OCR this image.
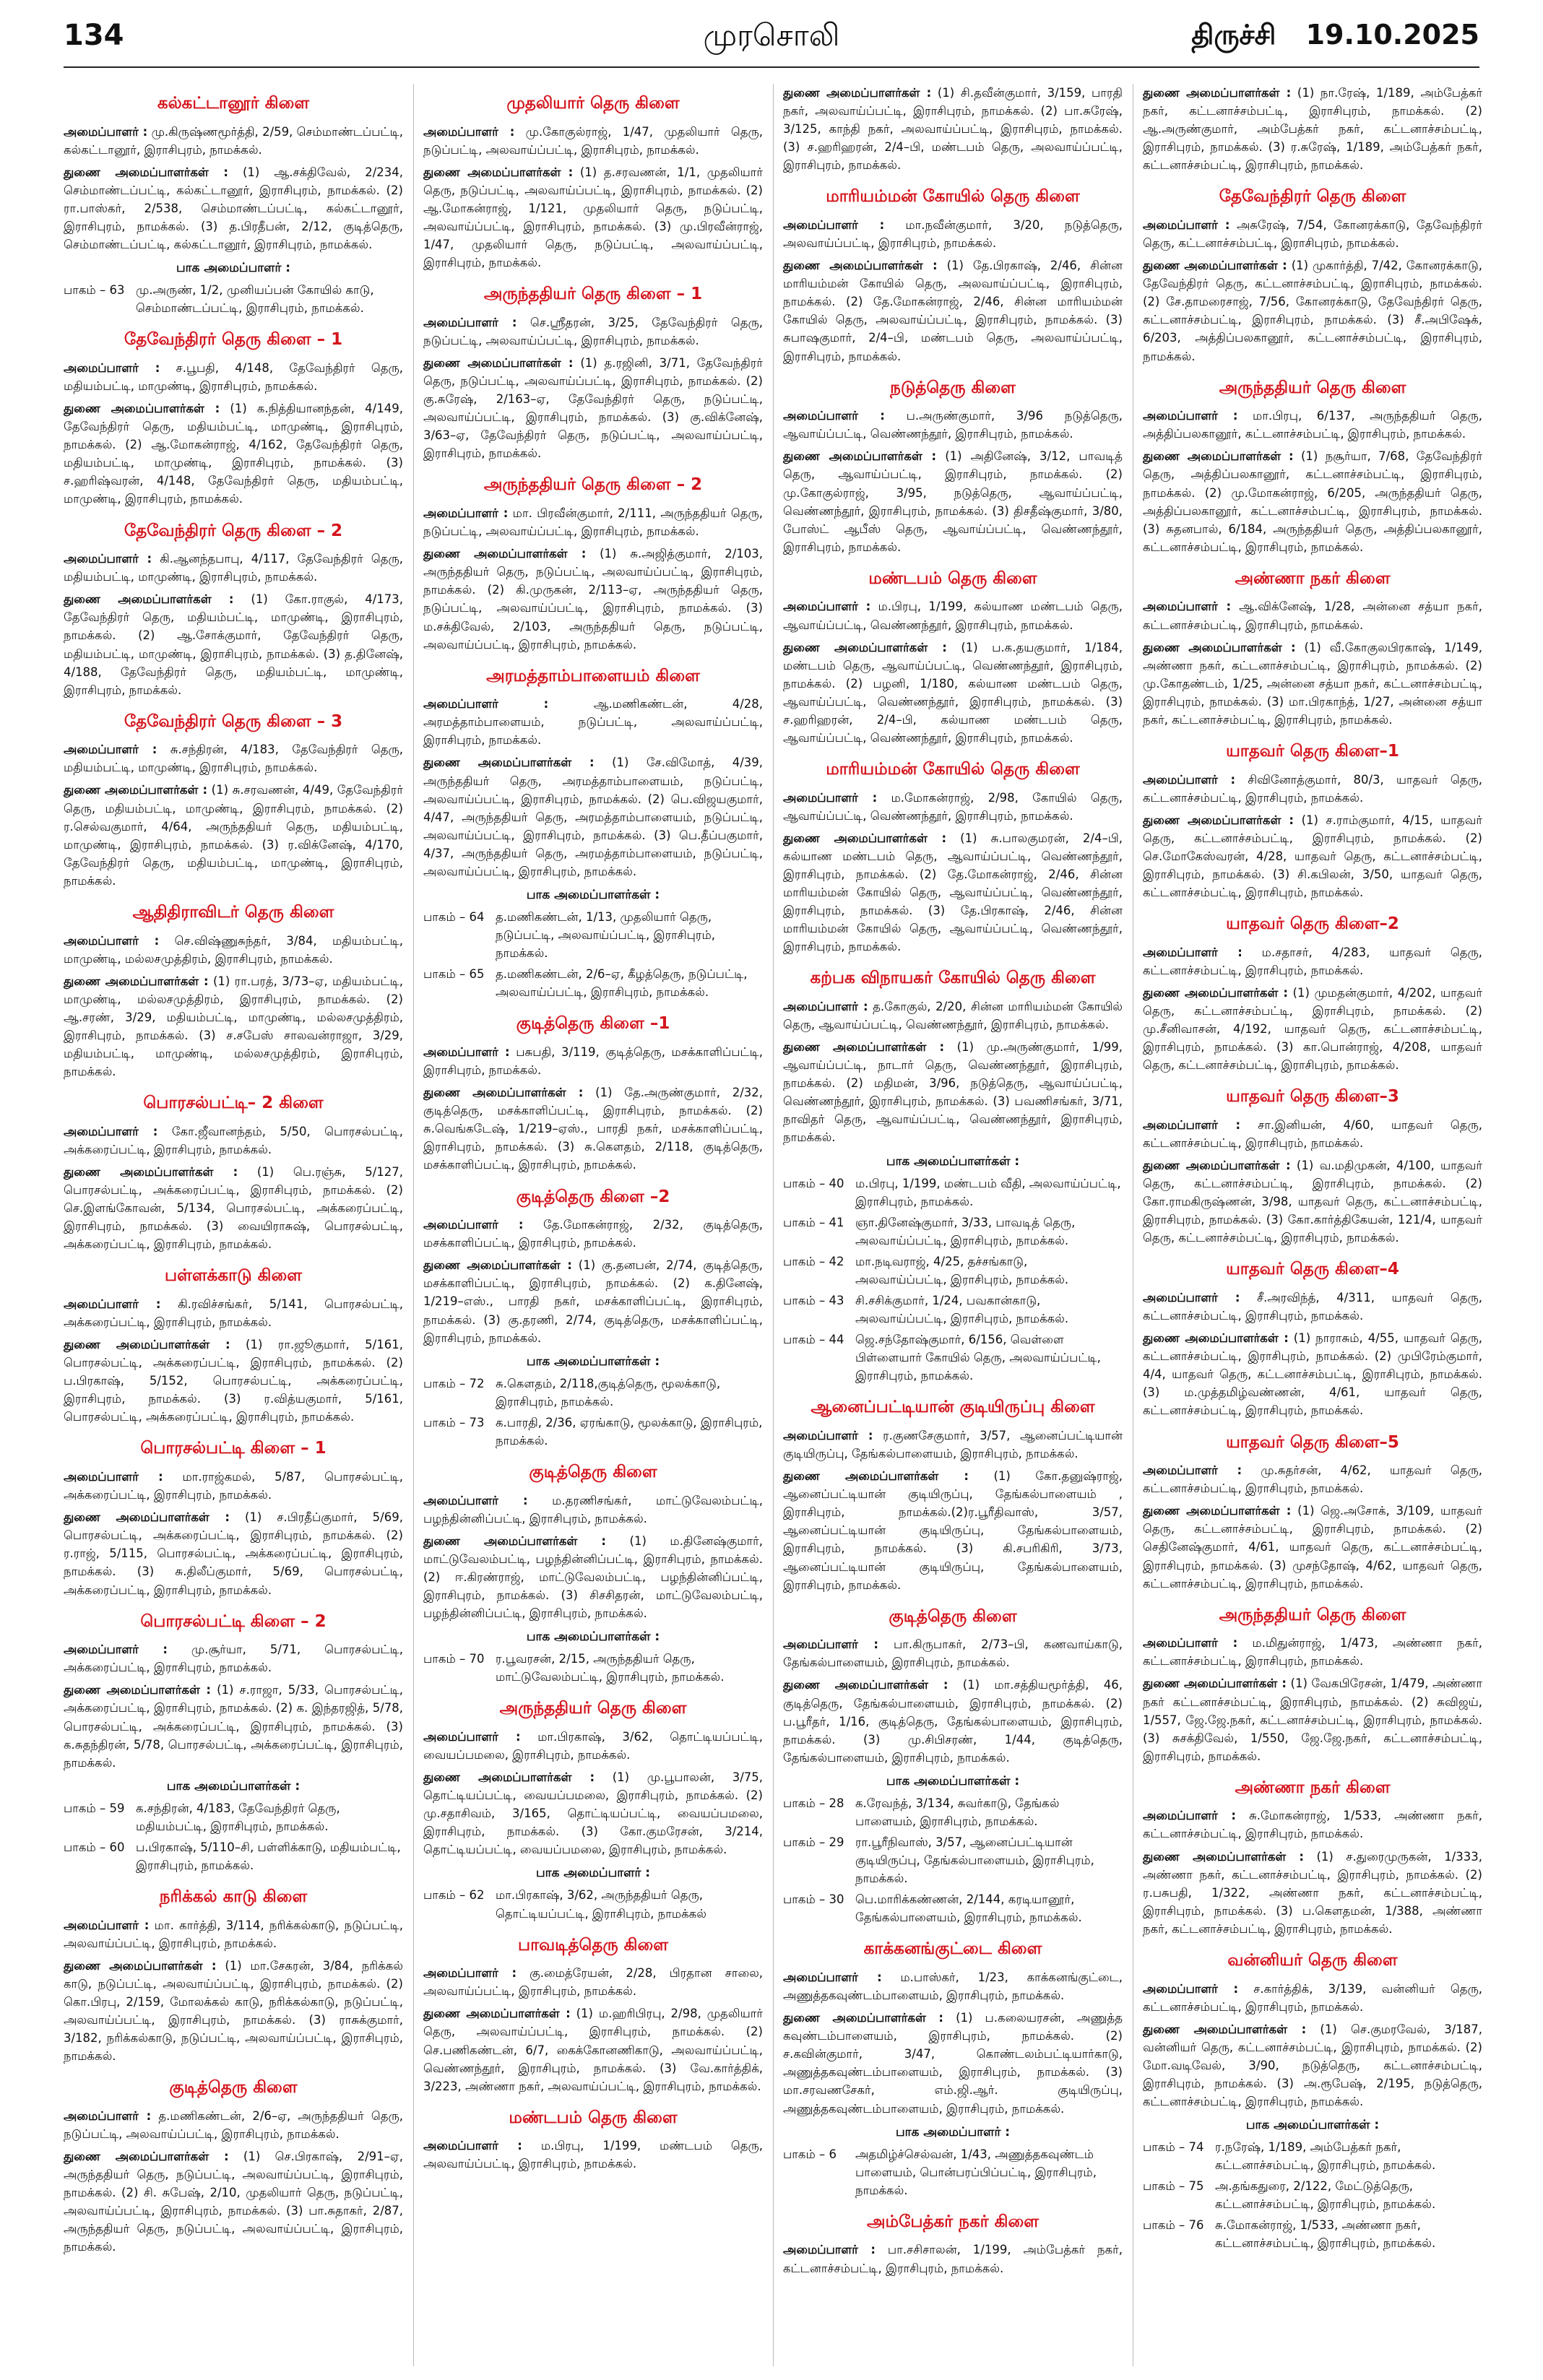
134	முரசொலி	திருச்சி 19.10.2025
கல்கட்டானூர் கிளை
அமைப்பாளர் : மு.கிருஷ்ணமூர்த்தி, 2/59, செம்மாண்டப்பட்டி, கல்கட்டானூர், இராசிபுரம், நாமக்கல்.
துணை அமைப்பாளர்கள் : (1) ஆ.சக்திவேல், 2/234, செம்மாண்டப்பட்டி, கல்கட்டானூர், இராசிபுரம், நாமக்கல். (2) ரா.பாஸ்கர், 2/538, செம்மாண்டப்பட்டி, கல்கட்டானூர், இராசிபுரம், நாமக்கல். (3) த.பிரதீபன், 2/12, குடித்தெரு, செம்மாண்டப்பட்டி, கல்கட்டானூர், இராசிபுரம், நாமக்கல்.
பாக அமைப்பாளர் :
பாகம் – 63 மு.அருண், 1/2, முனியப்பன் கோயில் காடு, செம்மாண்டப்பட்டி, இராசிபுரம், நாமக்கல்.
தேவேந்திரர் தெரு கிளை – 1
அமைப்பாளர் : ச.பூபதி, 4/148, தேவேந்திரர் தெரு, மதியம்பட்டி, மாமுண்டி, இராசிபுரம், நாமக்கல்.
துணை அமைப்பாளர்கள் : (1) க.நித்தியானந்தன், 4/149, தேவேந்திரர் தெரு, மதியம்பட்டி, மாமுண்டி, இராசிபுரம், நாமக்கல். (2) ஆ.மோகன்ராஜ், 4/162, தேவேந்திரர் தெரு, மதியம்பட்டி, மாமுண்டி, இராசிபுரம், நாமக்கல். (3) ச.ஹரிஷ்வரன், 4/148, தேவேந்திரர் தெரு, மதியம்பட்டி, மாமுண்டி, இராசிபுரம், நாமக்கல்.
தேவேந்திரர் தெரு கிளை – 2
அமைப்பாளர் : கி.ஆனந்தபாபு, 4/117, தேவேந்திரர் தெரு, மதியம்பட்டி, மாமுண்டி, இராசிபுரம், நாமக்கல்.
துணை அமைப்பாளர்கள் : (1) கோ.ராகுல், 4/173, தேவேந்திரர் தெரு, மதியம்பட்டி, மாமுண்டி, இராசிபுரம், நாமக்கல். (2) ஆ.சோக்குமார், தேவேந்திரர் தெரு, மதியம்பட்டி, மாமுண்டி, இராசிபுரம், நாமக்கல். (3) த.தினேஷ், 4/188, தேவேந்திரர் தெரு, மதியம்பட்டி, மாமுண்டி, இராசிபுரம், நாமக்கல்.
தேவேந்திரர் தெரு கிளை – 3
அமைப்பாளர் : சு.சந்திரன், 4/183, தேவேந்திரர் தெரு, மதியம்பட்டி, மாமுண்டி, இராசிபுரம், நாமக்கல்.
துணை அமைப்பாளர்கள் : (1) சு.சரவணன், 4/49, தேவேந்திரர் தெரு, மதியம்பட்டி, மாமுண்டி, இராசிபுரம், நாமக்கல். (2) ர.செல்வகுமார், 4/64, அருந்ததியர் தெரு, மதியம்பட்டி, மாமுண்டி, இராசிபுரம், நாமக்கல். (3) ர.விக்னேஷ், 4/170, தேவேந்திரர் தெரு, மதியம்பட்டி, மாமுண்டி, இராசிபுரம், நாமக்கல்.
ஆதிதிராவிடர் தெரு கிளை
அமைப்பாளர் : செ.விஷ்ணுசுந்தர், 3/84, மதியம்பட்டி, மாமுண்டி, மல்லசமுத்திரம், இராசிபுரம், நாமக்கல்.
துணை அமைப்பாளர்கள் : (1) ரா.பரத், 3/73–ஏ, மதியம்பட்டி, மாமுண்டி, மல்லசமுத்திரம், இராசிபுரம், நாமக்கல். (2) ஆ.சரண், 3/29, மதியம்பட்டி, மாமுண்டி, மல்லசமுத்திரம், இராசிபுரம், நாமக்கல். (3) ச.சபேஸ் சாலவன்ராஜா, 3/29, மதியம்பட்டி, மாமுண்டி, மல்லசமுத்திரம், இராசிபுரம், நாமக்கல்.
பொரசல்பட்டி– 2 கிளை
அமைப்பாளர் : கோ.ஜீவானந்தம், 5/50, பொரசல்பட்டி, அக்கரைப்பட்டி, இராசிபுரம், நாமக்கல்.
துணை அமைப்பாளர்கள் : (1) பெ.ரஞ்சு, 5/127, பொரசல்பட்டி, அக்கரைப்பட்டி, இராசிபுரம், நாமக்கல். (2) செ.இளங்கோவன், 5/134, பொரசல்பட்டி, அக்கரைப்பட்டி, இராசிபுரம், நாமக்கல். (3) வையிராசுஷ், பொரசல்பட்டி, அக்கரைப்பட்டி, இராசிபுரம், நாமக்கல்.
பள்ளக்காடு கிளை
அமைப்பாளர் : கி.ரவிச்சங்கர், 5/141, பொரசல்பட்டி, அக்கரைப்பட்டி, இராசிபுரம், நாமக்கல்.
துணை அமைப்பாளர்கள் : (1) ரா.ஜூகுமார், 5/161, பொரசல்பட்டி, அக்கரைப்பட்டி, இராசிபுரம், நாமக்கல். (2) ப.பிரகாஷ், 5/152, பொரசல்பட்டி, அக்கரைப்பட்டி, இராசிபுரம், நாமக்கல். (3) ர.வித்யகுமார், 5/161, பொரசல்பட்டி, அக்கரைப்பட்டி, இராசிபுரம், நாமக்கல்.
பொரசல்பட்டி கிளை – 1
அமைப்பாளர் : மா.ராஜ்கமல், 5/87, பொரசல்பட்டி, அக்கரைப்பட்டி, இராசிபுரம், நாமக்கல்.
துணை அமைப்பாளர்கள் : (1) ச.பிரதீப்குமார், 5/69, பொரசல்பட்டி, அக்கரைப்பட்டி, இராசிபுரம், நாமக்கல். (2) ர.ராஜ், 5/115, பொரசல்பட்டி, அக்கரைப்பட்டி, இராசிபுரம், நாமக்கல். (3) சு.திலீப்குமார், 5/69, பொரசல்பட்டி, அக்கரைப்பட்டி, இராசிபுரம், நாமக்கல்.
பொரசல்பட்டி கிளை – 2
அமைப்பாளர் : மு.சூர்யா, 5/71, பொரசல்பட்டி, அக்கரைப்பட்டி, இராசிபுரம், நாமக்கல்.
துணை அமைப்பாளர்கள் : (1) ச.ராஜா, 5/33, பொரசல்பட்டி, அக்கரைப்பட்டி, இராசிபுரம், நாமக்கல். (2) க. இந்தரஜித், 5/78, பொரசல்பட்டி, அக்கரைப்பட்டி, இராசிபுரம், நாமக்கல். (3) க.சுதந்திரன், 5/78, பொரசல்பட்டி, அக்கரைப்பட்டி, இராசிபுரம், நாமக்கல்.
பாக அமைப்பாளர்கள் :
பாகம் – 59 க.சந்திரன், 4/183, தேவேந்திரர் தெரு, மதியம்பட்டி, இராசிபுரம், நாமக்கல்.
பாகம் – 60 ப.பிரகாஷ், 5/110–சி, பள்ளிக்காடு, மதியம்பட்டி, இராசிபுரம், நாமக்கல்.
நரிக்கல் காடு கிளை
அமைப்பாளர் : மா. கார்த்தி, 3/114, நரிக்கல்காடு, நடுப்பட்டி, அலவாய்ப்பட்டி, இராசிபுரம், நாமக்கல்.
துணை அமைப்பாளர்கள் : (1) மா.சேகரன், 3/84, நரிக்கல் காடு, நடுப்பட்டி, அலவாய்ப்பட்டி, இராசிபுரம், நாமக்கல். (2) கொ.பிரபு, 2/159, மோலக்கல் காடு, நரிக்கல்காடு, நடுப்பட்டி, அலவாய்ப்பட்டி, இராசிபுரம், நாமக்கல். (3) ராசுக்குமார், 3/182, நரிக்கல்காடு, நடுப்பட்டி, அலவாய்ப்பட்டி, இராசிபுரம், நாமக்கல்.
குடித்தெரு கிளை
அமைப்பாளர் : த.மணிகண்டன், 2/6–ஏ, அருந்ததியர் தெரு, நடுப்பட்டி, அலவாய்ப்பட்டி, இராசிபுரம், நாமக்கல்.
துணை அமைப்பாளர்கள் : (1) செ.பிரகாஷ், 2/91–ஏ, அருந்ததியர் தெரு, நடுப்பட்டி, அலவாய்ப்பட்டி, இராசிபுரம், நாமக்கல். (2) சி. சுபேஷ், 2/10, முதலியார் தெரு, நடுப்பட்டி, அலவாய்ப்பட்டி, இராசிபுரம், நாமக்கல். (3) பா.சுதாகர், 2/87, அருந்ததியர் தெரு, நடுப்பட்டி, அலவாய்ப்பட்டி, இராசிபுரம், நாமக்கல்.
முதலியார் தெரு கிளை
அமைப்பாளர் : மு.கோகுல்ராஜ், 1/47, முதலியார் தெரு, நடுப்பட்டி, அலவாய்ப்பட்டி, இராசிபுரம், நாமக்கல்.
துணை அமைப்பாளர்கள் : (1) த.சரவணன், 1/1, முதலியார் தெரு, நடுப்பட்டி, அலவாய்ப்பட்டி, இராசிபுரம், நாமக்கல். (2) ஆ.மோகன்ராஜ், 1/121, முதலியார் தெரு, நடுப்பட்டி, அலவாய்ப்பட்டி, இராசிபுரம், நாமக்கல். (3) மு.பிரவீன்ராஜ், 1/47, முதலியார் தெரு, நடுப்பட்டி, அலவாய்ப்பட்டி, இராசிபுரம், நாமக்கல்.
அருந்ததியர் தெரு கிளை – 1
அமைப்பாளர் : செ.ஸ்ரீதரன், 3/25, தேவேந்திரர் தெரு, நடுப்பட்டி, அலவாய்ப்பட்டி, இராசிபுரம், நாமக்கல்.
துணை அமைப்பாளர்கள் : (1) த.ரஜினி, 3/71, தேவேந்திரர் தெரு, நடுப்பட்டி, அலவாய்ப்பட்டி, இராசிபுரம், நாமக்கல். (2) கு.சுரேஷ், 2/163–ஏ, தேவேந்திரர் தெரு, நடுப்பட்டி, அலவாய்ப்பட்டி, இராசிபுரம், நாமக்கல். (3) கு.விக்னேஷ், 3/63–ஏ, தேவேந்திரர் தெரு, நடுப்பட்டி, அலவாய்ப்பட்டி, இராசிபுரம், நாமக்கல்.
அருந்ததியர் தெரு கிளை – 2
அமைப்பாளர் : மா. பிரவீன்குமார், 2/111, அருந்ததியர் தெரு, நடுப்பட்டி, அலவாய்ப்பட்டி, இராசிபுரம், நாமக்கல்.
துணை அமைப்பாளர்கள் : (1) சு.அஜித்குமார், 2/103, அருந்ததியர் தெரு, நடுப்பட்டி, அலவாய்ப்பட்டி, இராசிபுரம், நாமக்கல். (2) கி.முருகன், 2/113–ஏ, அருந்ததியர் தெரு, நடுப்பட்டி, அலவாய்ப்பட்டி, இராசிபுரம், நாமக்கல். (3) ம.சக்திவேல், 2/103, அருந்ததியர் தெரு, நடுப்பட்டி, அலவாய்ப்பட்டி, இராசிபுரம், நாமக்கல்.
அரமத்தாம்பாளையம் கிளை
அமைப்பாளர் :	ஆ.மணிகண்டன், 4/28, அரமத்தாம்பாளையம், நடுப்பட்டி, அலவாய்ப்பட்டி, இராசிபுரம், நாமக்கல்.
துணை அமைப்பாளர்கள் : (1) சே.விமோத், 4/39, அருந்ததியர் தெரு, அரமத்தாம்பாளையம், நடுப்பட்டி, அலவாய்ப்பட்டி, இராசிபுரம், நாமக்கல். (2) பெ.விஜயகுமார், 4/47, அருந்ததியர் தெரு, அரமத்தாம்பாளையம், நடுப்பட்டி, அலவாய்ப்பட்டி, இராசிபுரம், நாமக்கல். (3) பெ.தீப்பகுமார், 4/37, அருந்ததியர் தெரு, அரமத்தாம்பாளையம், நடுப்பட்டி, அலவாய்ப்பட்டி, இராசிபுரம், நாமக்கல்.
பாக அமைப்பாளர்கள் :
பாகம் – 64 த.மணிகண்டன், 1/13, முதலியார் தெரு, நடுப்பட்டி, அலவாய்ப்பட்டி, இராசிபுரம், நாமக்கல்.
பாகம் – 65 த.மணிகண்டன், 2/6–ஏ, கீழத்தெரு, நடுப்பட்டி, அலவாய்ப்பட்டி, இராசிபுரம், நாமக்கல்.
குடித்தெரு கிளை –1
அமைப்பாளர் : பசுபதி, 3/119, குடித்தெரு, மசக்காளிப்பட்டி, இராசிபுரம், நாமக்கல்.
துணை அமைப்பாளர்கள் : (1) தே.அருண்குமார், 2/32, குடித்தெரு, மசக்காளிப்பட்டி, இராசிபுரம், நாமக்கல். (2) சு.வெங்கடேஷ், 1/219–ஏஸ்., பாரதி நகர், மசக்காளிப்பட்டி, இராசிபுரம், நாமக்கல். (3) சு.கௌதம், 2/118, குடித்தெரு, மசக்காளிப்பட்டி, இராசிபுரம், நாமக்கல்.
குடித்தெரு கிளை –2
அமைப்பாளர் : தே.மோகன்ராஜ், 2/32, குடித்தெரு, மசக்காளிப்பட்டி, இராசிபுரம், நாமக்கல்.
துணை அமைப்பாளர்கள் : (1) கு.தனபன், 2/74, குடித்தெரு, மசக்காளிப்பட்டி, இராசிபுரம், நாமக்கல். (2) க.தினேஷ், 1/219–எஸ்., பாரதி நகர், மசக்காளிப்பட்டி, இராசிபுரம், நாமக்கல். (3) கு.தரணி, 2/74, குடித்தெரு, மசக்காளிப்பட்டி, இராசிபுரம், நாமக்கல்.
பாக அமைப்பாளர்கள் :
பாகம் – 72 சு.கௌதம், 2/118,குடித்தெரு, மூலக்காடு, இராசிபுரம், நாமக்கல்.
பாகம் – 73 க.பாரதி, 2/36, ஏரங்காடு, மூலக்காடு, இராசிபுரம், நாமக்கல்.
குடித்தெரு கிளை
அமைப்பாளர் : ம.தரணிசங்கர், மாட்டுவேலம்பட்டி, பழந்தின்னிப்பட்டி, இராசிபுரம், நாமக்கல்.
துணை அமைப்பாளர்கள் : (1) ம.தினேஷ்குமார், மாட்டுவேலம்பட்டி, பழந்தின்னிப்பட்டி, இராசிபுரம், நாமக்கல். (2) ஈ.கிரண்ராஜ், மாட்டுவேலம்பட்டி, பழந்தின்னிப்பட்டி, இராசிபுரம், நாமக்கல். (3) சிசசிதரன், மாட்டுவேலம்பட்டி, பழந்தின்னிப்பட்டி, இராசிபுரம், நாமக்கல்.
பாக அமைப்பாளர்கள் :
பாகம் – 70 ர.பூவரசன், 2/15, அருந்ததியர் தெரு, மாட்டுவேலம்பட்டி, இராசிபுரம், நாமக்கல்.
அருந்ததியர் தெரு கிளை
அமைப்பாளர் : மா.பிரகாஷ், 3/62, தொட்டியப்பட்டி, வையப்பமலை, இராசிபுரம், நாமக்கல்.
துணை அமைப்பாளர்கள் : (1) மு.பூபாலன், 3/75, தொட்டியப்பட்டி, வையப்பமலை, இராசிபுரம், நாமக்கல். (2) மு.சதாசிவம், 3/165, தொட்டியப்பட்டி, வையப்பமலை, இராசிபுரம், நாமக்கல். (3) கோ.குமரேசன், 3/214, தொட்டியப்பட்டி, வையப்பமலை, இராசிபுரம், நாமக்கல்.
பாக அமைப்பாளர் :
பாகம் – 62 மா.பிரகாஷ், 3/62, அருந்ததியர் தெரு, தொட்டியப்பட்டி, இராசிபுரம், நாமக்கல்
பாவடித்தெரு கிளை
அமைப்பாளர் : கு.மைத்ரேயன், 2/28, பிரதான சாலை, அலவாய்ப்பட்டி, இராசிபுரம், நாமக்கல்.
துணை அமைப்பாளர்கள் : (1) ம.ஹரிபிரபு, 2/98, முதலியார் தெரு, அலவாய்ப்பட்டி, இராசிபுரம், நாமக்கல். (2) செ.பணிகண்டன், 6/7, கைக்கோனணிகாடு, அலவாய்ப்பட்டி, வெண்ணந்தூர், இராசிபுரம், நாமக்கல். (3) வே.கார்த்திக், 3/223, அண்ணா நகர், அலவாய்ப்பட்டி, இராசிபுரம், நாமக்கல்.
மண்டபம் தெரு கிளை
அமைப்பாளர் : ம.பிரபு, 1/199, மண்டபம் தெரு, அலவாய்ப்பட்டி, இராசிபுரம், நாமக்கல்.
துணை அமைப்பாளர்கள் : (1) சி.தவீன்குமார், 3/159, பாரதி நகர், அலவாய்ப்பட்டி, இராசிபுரம், நாமக்கல். (2) பா.சுரேஷ், 3/125, காந்தி நகர், அலவாய்ப்பட்டி, இராசிபுரம், நாமக்கல். (3) ச.ஹரிஹரன், 2/4–பி, மண்டபம் தெரு, அலவாய்ப்பட்டி, இராசிபுரம், நாமக்கல்.
மாரியம்மன் கோயில் தெரு கிளை
அமைப்பாளர் : மா.நவீன்குமார், 3/20, நடுத்தெரு, அலவாய்ப்பட்டி, இராசிபுரம், நாமக்கல்.
துணை அமைப்பாளர்கள் : (1) தே.பிரகாஷ், 2/46, சின்ன மாரியம்மன் கோயில் தெரு, அலவாய்ப்பட்டி, இராசிபுரம், நாமக்கல். (2) தே.மோகன்ராஜ், 2/46, சின்ன மாரியம்மன் கோயில் தெரு, அலவாய்ப்பட்டி, இராசிபுரம், நாமக்கல். (3) சுபாஷகுமார், 2/4–பி, மண்டபம் தெரு, அலவாய்ப்பட்டி, இராசிபுரம், நாமக்கல்.
நடுத்தெரு கிளை
அமைப்பாளர் : ப.அருண்குமார், 3/96 நடுத்தெரு, ஆவாய்ப்பட்டி, வெண்ணந்தூர், இராசிபுரம், நாமக்கல்.
துணை அமைப்பாளர்கள் : (1) அதினேஷ், 3/12, பாவடித் தெரு, ஆவாய்ப்பட்டி, இராசிபுரம், நாமக்கல். (2) மு.கோகுல்ராஜ், 3/95, நடுத்தெரு, ஆவாய்ப்பட்டி, வெண்ணந்தூர், இராசிபுரம், நாமக்கல். (3) திசதீஷ்குமார், 3/80, போஸ்ட் ஆபீஸ் தெரு, ஆவாய்ப்பட்டி, வெண்ணந்தூர், இராசிபுரம், நாமக்கல்.
மண்டபம் தெரு கிளை
அமைப்பாளர் : ம.பிரபு, 1/199, கல்யாண மண்டபம் தெரு, ஆவாய்ப்பட்டி, வெண்ணந்தூர், இராசிபுரம், நாமக்கல்.
துணை அமைப்பாளர்கள் : (1) ப.க.தயகுமார், 1/184, மண்டபம் தெரு, ஆவாய்ப்பட்டி, வெண்ணந்தூர், இராசிபுரம், நாமக்கல். (2) பழனி, 1/180, கல்யாண மண்டபம் தெரு, ஆவாய்ப்பட்டி, வெண்ணந்தூர், இராசிபுரம், நாமக்கல். (3) ச.ஹரிஹரன், 2/4–பி, கல்யாண மண்டபம் தெரு, ஆவாய்ப்பட்டி, வெண்ணந்தூர், இராசிபுரம், நாமக்கல்.
மாரியம்மன் கோயில் தெரு கிளை
அமைப்பாளர் : ம.மோகன்ராஜ், 2/98, கோயில் தெரு, ஆவாய்ப்பட்டி, வெண்ணந்தூர், இராசிபுரம், நாமக்கல்.
துணை அமைப்பாளர்கள் : (1) சு.பாலகுமரன், 2/4–பி, கல்யாண மண்டபம் தெரு, ஆவாய்ப்பட்டி, வெண்ணந்தூர், இராசிபுரம், நாமக்கல். (2) தே.மோகன்ராஜ், 2/46, சின்ன மாரியம்மன் கோயில் தெரு, ஆவாய்ப்பட்டி, வெண்ணந்தூர், இராசிபுரம், நாமக்கல். (3) தே.பிரகாஷ், 2/46, சின்ன மாரியம்மன் கோயில் தெரு, ஆவாய்ப்பட்டி, வெண்ணந்தூர், இராசிபுரம், நாமக்கல்.
கற்பக விநாயகர் கோயில் தெரு கிளை
அமைப்பாளர் : த.கோகுல், 2/20, சின்ன மாரியம்மன் கோயில் தெரு, ஆவாய்ப்பட்டி, வெண்ணந்தூர், இராசிபுரம், நாமக்கல்.
துணை அமைப்பாளர்கள் : (1) மு.அருண்குமார், 1/99, ஆவாய்ப்பட்டி, நாடார் தெரு, வெண்ணந்தூர், இராசிபுரம், நாமக்கல். (2) மதிமன், 3/96, நடுத்தெரு, ஆவாய்ப்பட்டி, வெண்ணந்தூர், இராசிபுரம், நாமக்கல். (3) பவணிசங்கர், 3/71, நாவிதர் தெரு, ஆவாய்ப்பட்டி, வெண்ணந்தூர், இராசிபுரம், நாமக்கல்.
பாக அமைப்பாளர்கள் :
பாகம் – 40 ம.பிரபு, 1/199, மண்டபம் வீதி, அலவாய்ப்பட்டி, இராசிபுரம், நாமக்கல்.
பாகம் – 41 ஞா.தினேஷ்குமார், 3/33, பாவடித் தெரு, அலவாய்ப்பட்டி, இராசிபுரம், நாமக்கல்.
பாகம் – 42 மா.நடிவராஜ், 4/25, தச்சங்காடு, அலவாய்ப்பட்டி, இராசிபுரம், நாமக்கல்.
பாகம் – 43 சி.சசிக்குமார், 1/24, பவகான்காடு, அலவாய்ப்பட்டி, இராசிபுரம், நாமக்கல்.
பாகம் – 44 ஜெ.சந்தோஷ்குமார், 6/156, வெள்ளை பிள்ளையார் கோயில் தெரு, அலவாய்ப்பட்டி, இராசிபுரம், நாமக்கல்.
ஆனைப்பட்டியான் குடியிருப்பு கிளை
அமைப்பாளர் : ர.குணசேகுமார், 3/57, ஆனைப்பட்டியான் குடியிருப்பு, தேங்கல்பாளையம், இராசிபுரம், நாமக்கல்.
துணை அமைப்பாளர்கள் : (1) கோ.தனுஷ்ராஜ், ஆனைப்பட்டியான் குடியிருப்பு, தேங்கல்பாளையம் , இராசிபுரம், நாமக்கல்.(2)ர.பூரீதிவாஸ், 3/57, ஆனைப்பட்டியான் குடியிருப்பு, தேங்கல்பாளையம், இராசிபுரம், நாமக்கல். (3) கி.சபரிகிரி, 3/73, ஆனைப்பட்டியான் குடியிருப்பு, தேங்கல்பாளையம், இராசிபுரம், நாமக்கல்.
குடித்தெரு கிளை
அமைப்பாளர் : பா.கிருபாகர், 2/73–பி, கணவாய்காடு, தேங்கல்பாளையம், இராசிபுரம், நாமக்கல்.
துணை அமைப்பாளர்கள் : (1) மா.சத்தியமூர்த்தி, 46, குடித்தெரு, தேங்கல்பாளையம், இராசிபுரம், நாமக்கல். (2) ப.பூரீதர், 1/16, குடித்தெரு, தேங்கல்பாளையம், இராசிபுரம், நாமக்கல். (3) மு.சிபிசரண், 1/44, குடித்தெரு, தேங்கல்பாளையம், இராசிபுரம், நாமக்கல்.
பாக அமைப்பாளர்கள் :
பாகம் – 28 க.ரேவந்த், 3/134, சுவர்காடு, தேங்கல் பாளையம், இராசிபுரம், நாமக்கல்.
பாகம் – 29 ரா.பூரீநிவாஸ், 3/57, ஆனைப்பட்டியான் குடியிருப்பு, தேங்கல்பாளையம், இராசிபுரம், நாமக்கல்.
பாகம் – 30 பெ.மாரிக்கண்ணன், 2/144, கரடியானூர், தேங்கல்பாளையம், இராசிபுரம், நாமக்கல்.
காக்கனங்குட்டை கிளை
அமைப்பாளர் : ம.பாஸ்கர், 1/23, காக்கனங்குட்டை, அணுத்தகவுண்டம்பாளையம், இராசிபுரம், நாமக்கல்.
துணை அமைப்பாளர்கள் : (1) ப.கலையரசன், அணுத்த கவுண்டம்பாளையம், இராசிபுரம், நாமக்கல். (2) ச.கவின்குமார், 3/47, கொண்டலம்பட்டியார்காடு, அணுத்தகவுண்டம்பாளையம், இராசிபுரம், நாமக்கல். (3) மா.சரவணசேகர், எம்.ஜி.ஆர். குடியிருப்பு, அணுத்தகவுண்டம்பாளையம், இராசிபுரம், நாமக்கல்.
பாக அமைப்பாளர் :
பாகம் – 6	அதமிழ்ச்செல்வன், 1/43, அணுத்தகவுண்டம் பாளையம், பொன்பரப்பிப்பட்டி, இராசிபுரம், நாமக்கல்.
அம்பேத்கர் நகர் கிளை
அமைப்பாளர் : பா.சசிசாலன், 1/199, அம்பேத்கர் நகர், கட்டனாச்சம்பட்டி, இராசிபுரம், நாமக்கல்.
துணை அமைப்பாளர்கள் : (1) நா.ரேஷ், 1/189, அம்பேத்கர் நகர், கட்டனாச்சம்பட்டி, இராசிபுரம், நாமக்கல். (2) ஆ.அருண்குமார், அம்பேத்கர் நகர், கட்டனாச்சம்பட்டி, இராசிபுரம், நாமக்கல். (3) ர.சுரேஷ், 1/189, அம்பேத்கர் நகர், கட்டனாச்சம்பட்டி, இராசிபுரம், நாமக்கல்.
தேவேந்திரர் தெரு கிளை
அமைப்பாளர் : அசுரேஷ், 7/54, கோனரக்காடு, தேவேந்திரர் தெரு, கட்டனாச்சம்பட்டி, இராசிபுரம், நாமக்கல்.
துணை அமைப்பாளர்கள் : (1) முகார்த்தி, 7/42, கோனரக்காடு, தேவேந்திரர் தெரு, கட்டனாச்சம்பட்டி, இராசிபுரம், நாமக்கல். (2) சே.தாமரைசாஜ், 7/56, கோனரக்காடு, தேவேந்திரர் தெரு, கட்டனாச்சம்பட்டி, இராசிபுரம், நாமக்கல். (3) சீ.அபிஷேக், 6/203, அத்திப்பலகானூர், கட்டனாச்சம்பட்டி, இராசிபுரம், நாமக்கல்.
அருந்ததியர் தெரு கிளை
அமைப்பாளர் : மா.பிரபு, 6/137, அருந்ததியர் தெரு, அத்திப்பலகானூர், கட்டனாச்சம்பட்டி, இராசிபுரம், நாமக்கல்.
துணை அமைப்பாளர்கள் : (1) நசூர்யா, 7/68, தேவேந்திரர் தெரு, அத்திப்பலகானூர், கட்டனாச்சம்பட்டி, இராசிபுரம், நாமக்கல். (2) மு.மோகன்ராஜ், 6/205, அருந்ததியர் தெரு, அத்திப்பலகானூர், கட்டனாச்சம்பட்டி, இராசிபுரம், நாமக்கல். (3) சுதனபால், 6/184, அருந்ததியர் தெரு, அத்திப்பலகானூர், கட்டனாச்சம்பட்டி, இராசிபுரம், நாமக்கல்.
அண்ணா நகர் கிளை
அமைப்பாளர் : ஆ.விக்னேஷ், 1/28, அன்னை சத்யா நகர், கட்டனாச்சம்பட்டி, இராசிபுரம், நாமக்கல்.
துணை அமைப்பாளர்கள் : (1) வீ.கோகுலபிரகாஷ், 1/149, அண்ணா நகர், கட்டனாச்சம்பட்டி, இராசிபுரம், நாமக்கல். (2) மு.கோதண்டம், 1/25, அன்னை சத்யா நகர், கட்டனாச்சம்பட்டி, இராசிபுரம், நாமக்கல். (3) மா.பிரகாந்த், 1/27, அன்னை சத்யா நகர், கட்டனாச்சம்பட்டி, இராசிபுரம், நாமக்கல்.
யாதவர் தெரு கிளை–1
அமைப்பாளர் : சிவினோத்குமார், 80/3, யாதவர் தெரு, கட்டனாச்சம்பட்டி, இராசிபுரம், நாமக்கல்.
துணை அமைப்பாளர்கள் : (1) ச.ராம்குமார், 4/15, யாதவர் தெரு, கட்டனாச்சம்பட்டி, இராசிபுரம், நாமக்கல். (2) செ.மோகேஸ்வரன், 4/28, யாதவர் தெரு, கட்டனாச்சம்பட்டி, இராசிபுரம், நாமக்கல். (3) சி.கபிலன், 3/50, யாதவர் தெரு, கட்டனாச்சம்பட்டி, இராசிபுரம், நாமக்கல்.
யாதவர் தெரு கிளை–2
அமைப்பாளர் : ம.சதாசர், 4/283, யாதவர் தெரு, கட்டனாச்சம்பட்டி, இராசிபுரம், நாமக்கல்.
துணை அமைப்பாளர்கள் : (1) முமதன்குமார், 4/202, யாதவர் தெரு, கட்டனாச்சம்பட்டி, இராசிபுரம், நாமக்கல். (2) மு.சீனிவாசன், 4/192, யாதவர் தெரு, கட்டனாச்சம்பட்டி, இராசிபுரம், நாமக்கல். (3) கா.பொன்ராஜ், 4/208, யாதவர் தெரு, கட்டனாச்சம்பட்டி, இராசிபுரம், நாமக்கல்.
யாதவர் தெரு கிளை–3
அமைப்பாளர் : சா.இனியன், 4/60, யாதவர் தெரு, கட்டனாச்சம்பட்டி, இராசிபுரம், நாமக்கல்.
துணை அமைப்பாளர்கள் : (1) வ.மதிமுகன், 4/100, யாதவர் தெரு, கட்டனாச்சம்பட்டி, இராசிபுரம், நாமக்கல். (2) கோ.ராமகிருஷ்ணன், 3/98, யாதவர் தெரு, கட்டனாச்சம்பட்டி, இராசிபுரம், நாமக்கல். (3) கோ.கார்த்திகேயன், 121/4, யாதவர் தெரு, கட்டனாச்சம்பட்டி, இராசிபுரம், நாமக்கல்.
யாதவர் தெரு கிளை–4
அமைப்பாளர் : சீ.அரவிந்த், 4/311, யாதவர் தெரு, கட்டனாச்சம்பட்டி, இராசிபுரம், நாமக்கல்.
துணை அமைப்பாளர்கள் : (1) நாராசும், 4/55, யாதவர் தெரு, கட்டனாச்சம்பட்டி, இராசிபுரம், நாமக்கல். (2) முபிரேம்குமார், 4/4, யாதவர் தெரு, கட்டனாச்சம்பட்டி, இராசிபுரம், நாமக்கல். (3) ம.முத்தமிழ்வண்ணன், 4/61, யாதவர் தெரு, கட்டனாச்சம்பட்டி, இராசிபுரம், நாமக்கல்.
யாதவர் தெரு கிளை–5
அமைப்பாளர் : மு.சுதர்சன், 4/62, யாதவர் தெரு, கட்டனாச்சம்பட்டி, இராசிபுரம், நாமக்கல்.
துணை அமைப்பாளர்கள் : (1) ஜெ.அசோக், 3/109, யாதவர் தெரு, கட்டனாச்சம்பட்டி, இராசிபுரம், நாமக்கல். (2) செதினேஷ்குமார், 4/61, யாதவர் தெரு, கட்டனாச்சம்பட்டி, இராசிபுரம், நாமக்கல். (3) முசந்தோஷ், 4/62, யாதவர் தெரு, கட்டனாச்சம்பட்டி, இராசிபுரம், நாமக்கல்.
அருந்ததியர் தெரு கிளை
அமைப்பாளர் : ம.மிதுன்ராஜ், 1/473, அண்ணா நகர், கட்டனாச்சம்பட்டி, இராசிபுரம், நாமக்கல்.
துணை அமைப்பாளர்கள் : (1) வேகபிரேசன், 1/479, அண்ணா நகர் கட்டனாச்சம்பட்டி, இராசிபுரம், நாமக்கல். (2) சுவிஜய், 1/557, ஜே.ஜே.நகர், கட்டனாச்சம்பட்டி, இராசிபுரம், நாமக்கல். (3) சுசக்திவேல், 1/550, ஜே.ஜே.நகர், கட்டனாச்சம்பட்டி, இராசிபுரம், நாமக்கல்.
அண்ணா நகர் கிளை
அமைப்பாளர் : சு.மோகன்ராஜ், 1/533, அண்ணா நகர், கட்டனாச்சம்பட்டி, இராசிபுரம், நாமக்கல்.
துணை அமைப்பாளர்கள் : (1) ச.துரைமுருகன், 1/333, அண்ணா நகர், கட்டனாச்சம்பட்டி, இராசிபுரம், நாமக்கல். (2) ர.பசுபதி, 1/322, அண்ணா நகர், கட்டனாச்சம்பட்டி, இராசிபுரம், நாமக்கல். (3) ப.கௌதமன், 1/388, அண்ணா நகர், கட்டனாச்சம்பட்டி, இராசிபுரம், நாமக்கல்.
வன்னியர் தெரு கிளை
அமைப்பாளர் : ச.கார்த்திக், 3/139, வன்னியர் தெரு, கட்டனாச்சம்பட்டி, இராசிபுரம், நாமக்கல்.
துணை அமைப்பாளர்கள் : (1) செ.குமரவேல், 3/187, வன்னியர் தெரு, கட்டனாச்சம்பட்டி, இராசிபுரம், நாமக்கல். (2) மோ.வடிவேல், 3/90, நடுத்தெரு, கட்டனாச்சம்பட்டி, இராசிபுரம், நாமக்கல். (3) அ.ரூபேஷ், 2/195, நடுத்தெரு, கட்டனாச்சம்பட்டி, இராசிபுரம், நாமக்கல்.
பாக அமைப்பாளர்கள் :
பாகம் – 74 ர.நரேஷ், 1/189, அம்பேத்கர் நகர், கட்டனாச்சம்பட்டி, இராசிபுரம், நாமக்கல்.
பாகம் – 75 அ.தங்கதுரை, 2/122, மேட்டுத்தெரு, கட்டனாச்சம்பட்டி, இராசிபுரம், நாமக்கல்.
பாகம் – 76 சு.மோகன்ராஜ், 1/533, அண்ணா நகர், கட்டனாச்சம்பட்டி, இராசிபுரம், நாமக்கல்.
